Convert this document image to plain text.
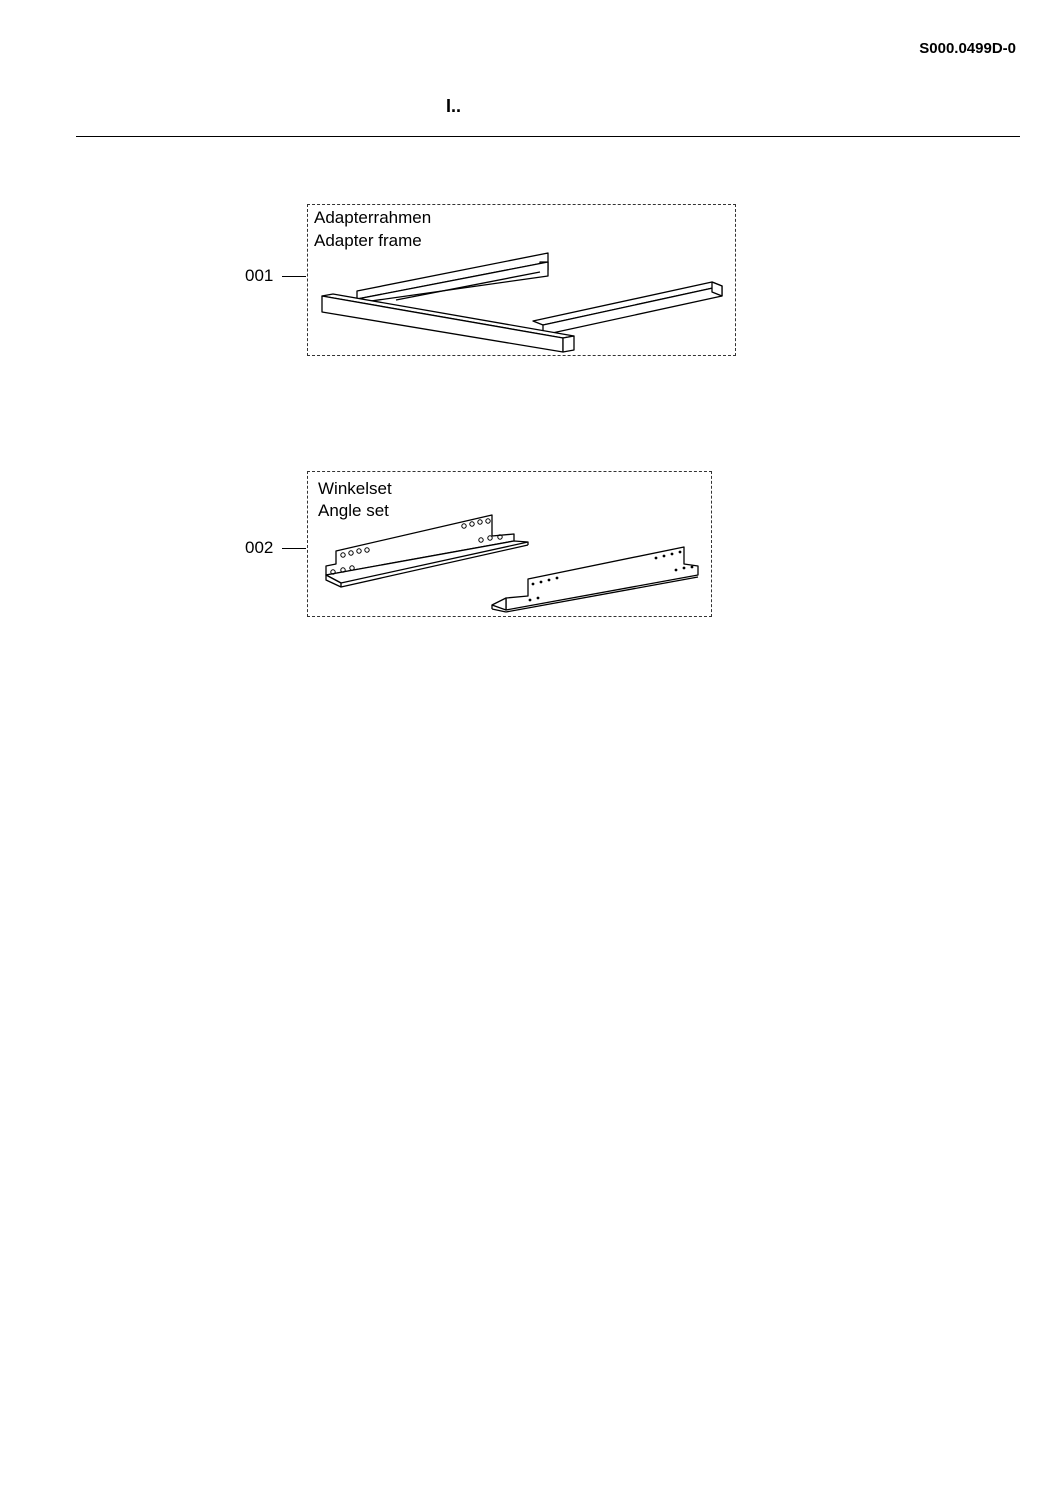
S000.0499D-0
I..
001
Adapterrahmen
Adapter frame
002
Winkelset
Angle set
